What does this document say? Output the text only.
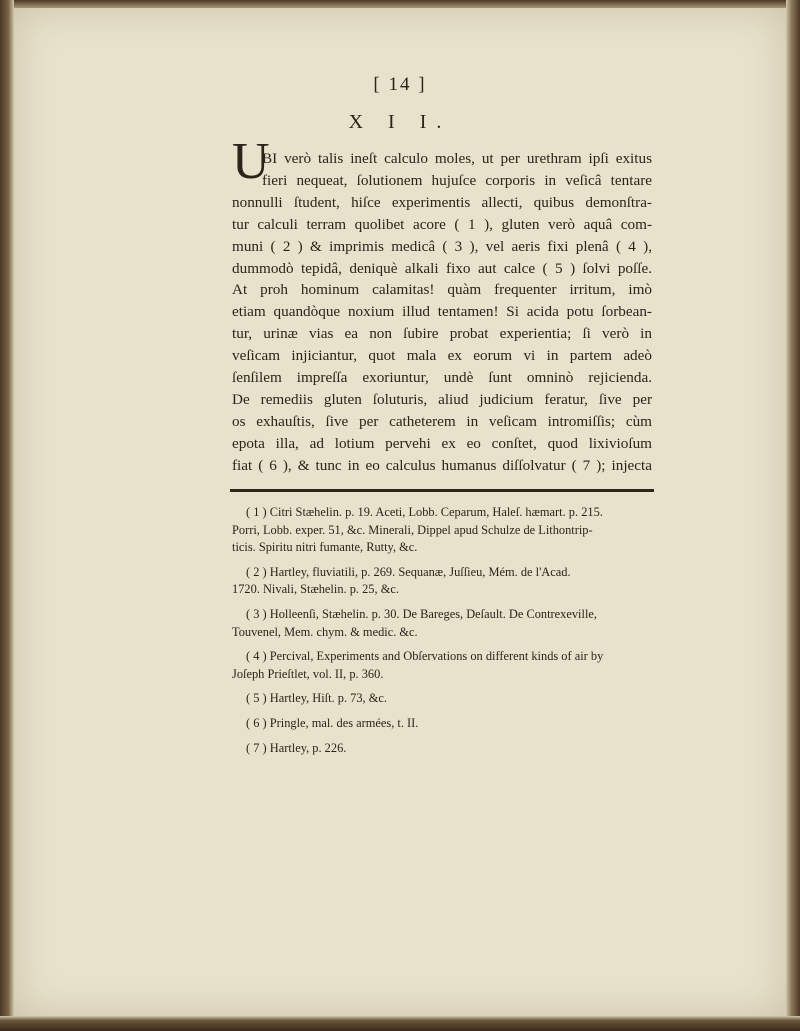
[ 14 ]
X I I.
U
BI verò talis ineſt calculo moles, ut per urethram ipſi exitus
fieri nequeat, ſolutionem hujuſce corporis in veſicâ tentare
nonnulli ſtudent, hiſce experimentis allecti, quibus demonſtra-
tur calculi terram quolibet acore ( 1 ), gluten verò aquâ com-
muni ( 2 ) & imprimis medicâ ( 3 ), vel aeris fixi plenâ ( 4 ),
dummodò tepidâ, deniquè alkali fixo aut calce ( 5 ) ſolvi poſſe.
At proh hominum calamitas! quàm frequenter irritum, imò
etiam quandòque noxium illud tentamen! Si acida potu ſorbean-
tur, urinæ vias ea non ſubire probat experientia; ſi verò in
veſicam injiciantur, quot mala ex eorum vi in partem adeò
ſenſilem impreſſa exoriuntur, undè ſunt omninò rejicienda.
De remediis gluten ſoluturis, aliud judicium feratur, ſive per
os exhauſtis, ſive per catheterem in veſicam intromiſſis; cùm
epota illa, ad lotium pervehi ex eo conſtet, quod lixivioſum
fiat ( 6 ), & tunc in eo calculus humanus diſſolvatur ( 7 ); injecta
( 1 ) Citri Stæhelin. p. 19. Aceti, Lobb. Ceparum, Haleſ. hæmart. p. 215.
Porri, Lobb. exper. 51, &c. Minerali, Dippel apud Schulze de Lithontrip-
ticis. Spiritu nitri fumante, Rutty, &c.
( 2 ) Hartley, fluviatili, p. 269. Sequanæ, Juſſieu, Mém. de l'Acad.
1720. Nivali, Stæhelin. p. 25, &c.
( 3 ) Holleenſi, Stæhelin. p. 30. De Bareges, Deſault. De Contrexeville,
Touvenel, Mem. chym. & medic. &c.
( 4 ) Percival, Experiments and Obſervations on different kinds of air by
Joſeph Prieſtlet, vol. II, p. 360.
( 5 ) Hartley, Hiſt. p. 73, &c.
( 6 ) Pringle, mal. des armées, t. II.
( 7 ) Hartley, p. 226.
